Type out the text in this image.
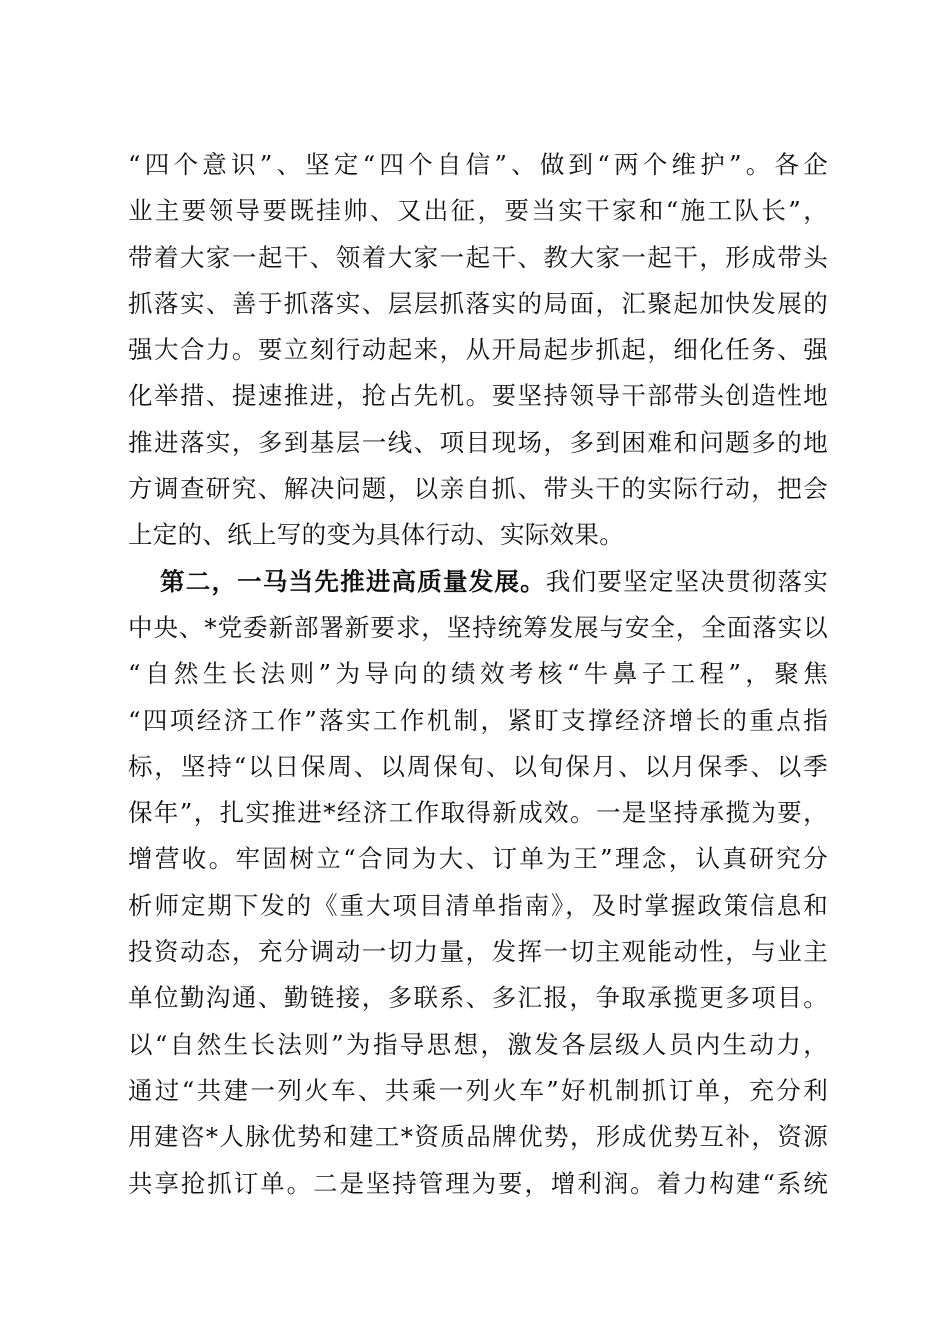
“四个意识”、坚定“四个自信”、做到“两个维护”。各企
业主要领导要既挂帅、又出征，要当实干家和“施工队长”，
带着大家一起干、领着大家一起干、教大家一起干，形成带头
抓落实、善于抓落实、层层抓落实的局面，汇聚起加快发展的
强大合力。要立刻行动起来，从开局起步抓起，细化任务、强
化举措、提速推进，抢占先机。要坚持领导干部带头创造性地
推进落实，多到基层一线、项目现场，多到困难和问题多的地
方调查研究、解决问题，以亲自抓、带头干的实际行动，把会
上定的、纸上写的变为具体行动、实际效果。
第二，一马当先推进高质量发展。我们要坚定坚决贯彻落实
中央、*党委新部署新要求，坚持统筹发展与安全，全面落实以
“自然生长法则”为导向的绩效考核“牛鼻子工程”，聚焦
“四项经济工作”落实工作机制，紧盯支撑经济增长的重点指
标，坚持“以日保周、以周保旬、以旬保月、以月保季、以季
保年”，扎实推进*经济工作取得新成效。一是坚持承揽为要，
增营收。牢固树立“合同为大、订单为王”理念，认真研究分
析师定期下发的《重大项目清单指南》，及时掌握政策信息和
投资动态，充分调动一切力量，发挥一切主观能动性，与业主
单位勤沟通、勤链接，多联系、多汇报，争取承揽更多项目。
以“自然生长法则”为指导思想，激发各层级人员内生动力，
通过“共建一列火车、共乘一列火车”好机制抓订单，充分利
用建咨*人脉优势和建工*资质品牌优势，形成优势互补，资源
共享抢抓订单。二是坚持管理为要，增利润。着力构建“系统
